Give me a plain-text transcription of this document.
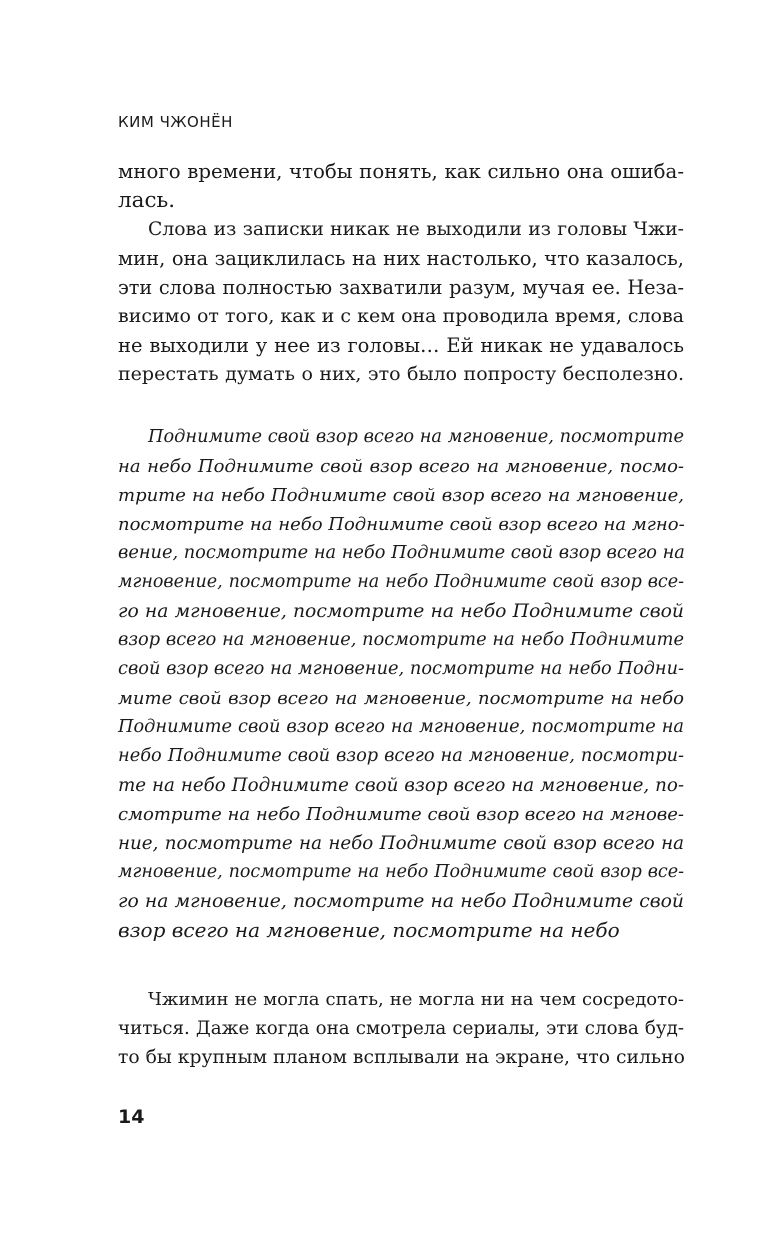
КИМ ЧЖОНЁН
много времени, чтобы понять, как сильно она ошиба-
лась.
Слова из записки никак не выходили из головы Чжи-
мин, она зациклилась на них настолько, что казалось,
эти слова полностью захватили разум, мучая ее. Неза-
висимо от того, как и с кем она проводила время, слова
не выходили у нее из головы… Ей никак не удавалось
перестать думать о них, это было попросту бесполезно.
Поднимите свой взор всего на мгновение, посмотрите
на небо Поднимите свой взор всего на мгновение, посмо-
трите на небо Поднимите свой взор всего на мгновение,
посмотрите на небо Поднимите свой взор всего на мгно-
вение, посмотрите на небо Поднимите свой взор всего на
мгновение, посмотрите на небо Поднимите свой взор все-
го на мгновение, посмотрите на небо Поднимите свой
взор всего на мгновение, посмотрите на небо Поднимите
свой взор всего на мгновение, посмотрите на небо Подни-
мите свой взор всего на мгновение, посмотрите на небо
Поднимите свой взор всего на мгновение, посмотрите на
небо Поднимите свой взор всего на мгновение, посмотри-
те на небо Поднимите свой взор всего на мгновение, по-
смотрите на небо Поднимите свой взор всего на мгнове-
ние, посмотрите на небо Поднимите свой взор всего на
мгновение, посмотрите на небо Поднимите свой взор все-
го на мгновение, посмотрите на небо Поднимите свой
взор всего на мгновение, посмотрите на небо
Чжимин не могла спать, не могла ни на чем сосредото-
читься. Даже когда она смотрела сериалы, эти слова буд-
то бы крупным планом всплывали на экране, что сильно
14
